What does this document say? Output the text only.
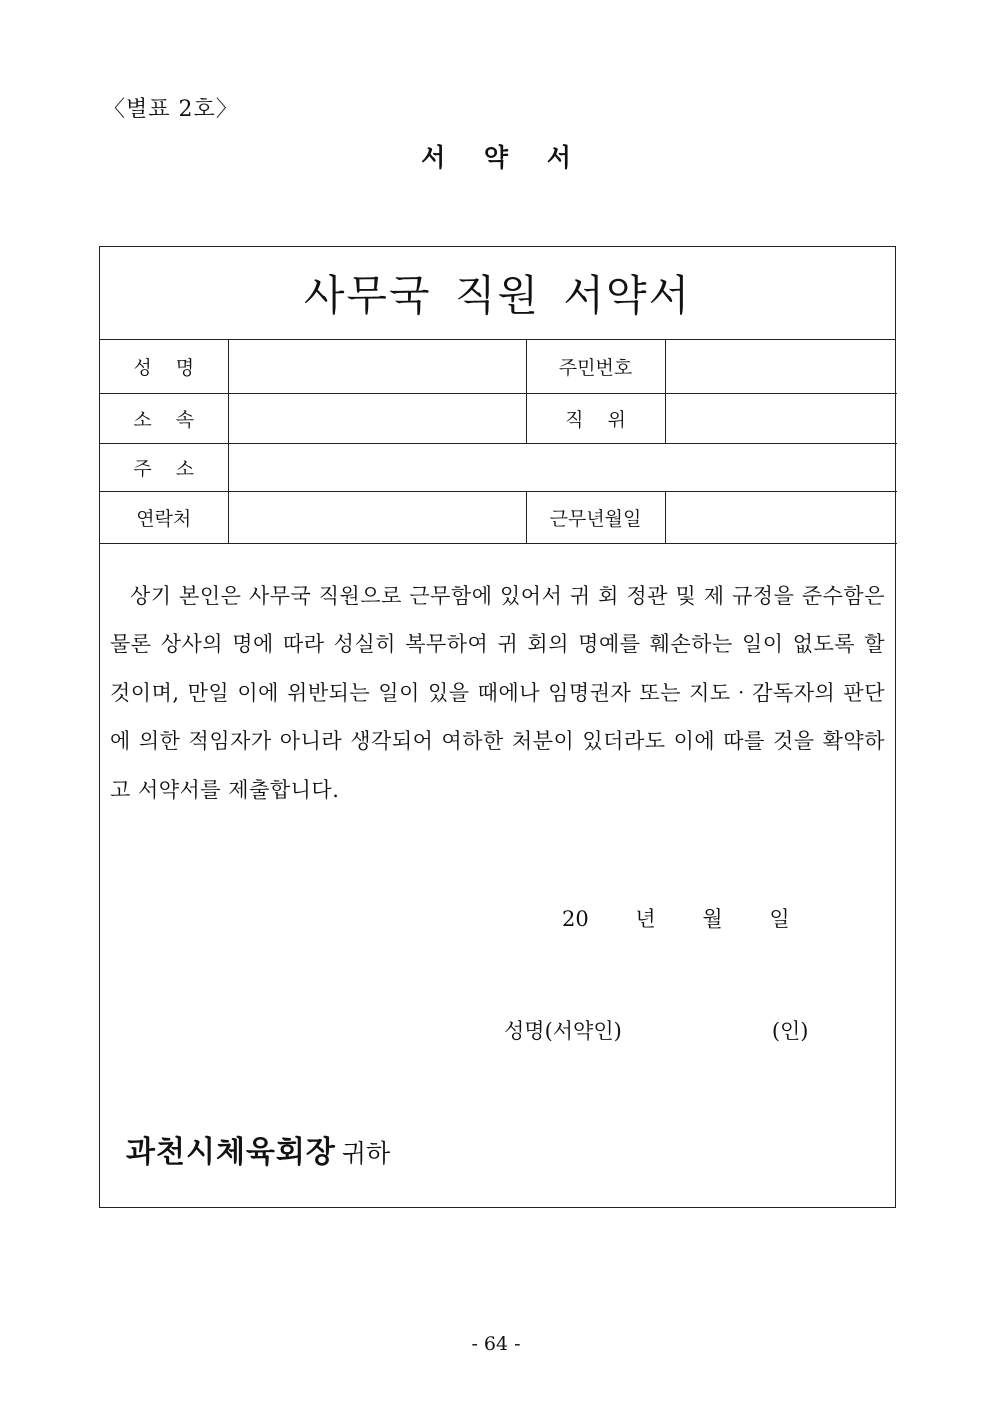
〈별표 2호〉
서 약 서
사무국 직원 서약서
성 명		주민번호	
소 속		직 위	
주 소			
연락처		근무년월일	

상기 본인은 사무국 직원으로 근무함에 있어서 귀 회 정관 및 제 규정을 준수함은 물론 상사의 명에 따라 성실히 복무하여 귀 회의 명예를 훼손하는 일이 없도록 할 것이며, 만일 이에 위반되는 일이 있을 때에나 임명권자 또는 지도‧감독자의 판단에 의한 적임자가 아니라 생각되어 여하한 처분이 있더라도 이에 따를 것을 확약하고 서약서를 제출합니다.

20 년 월 일
성명(서약인)	(인)
과천시체육회장 귀하
- 64 -
